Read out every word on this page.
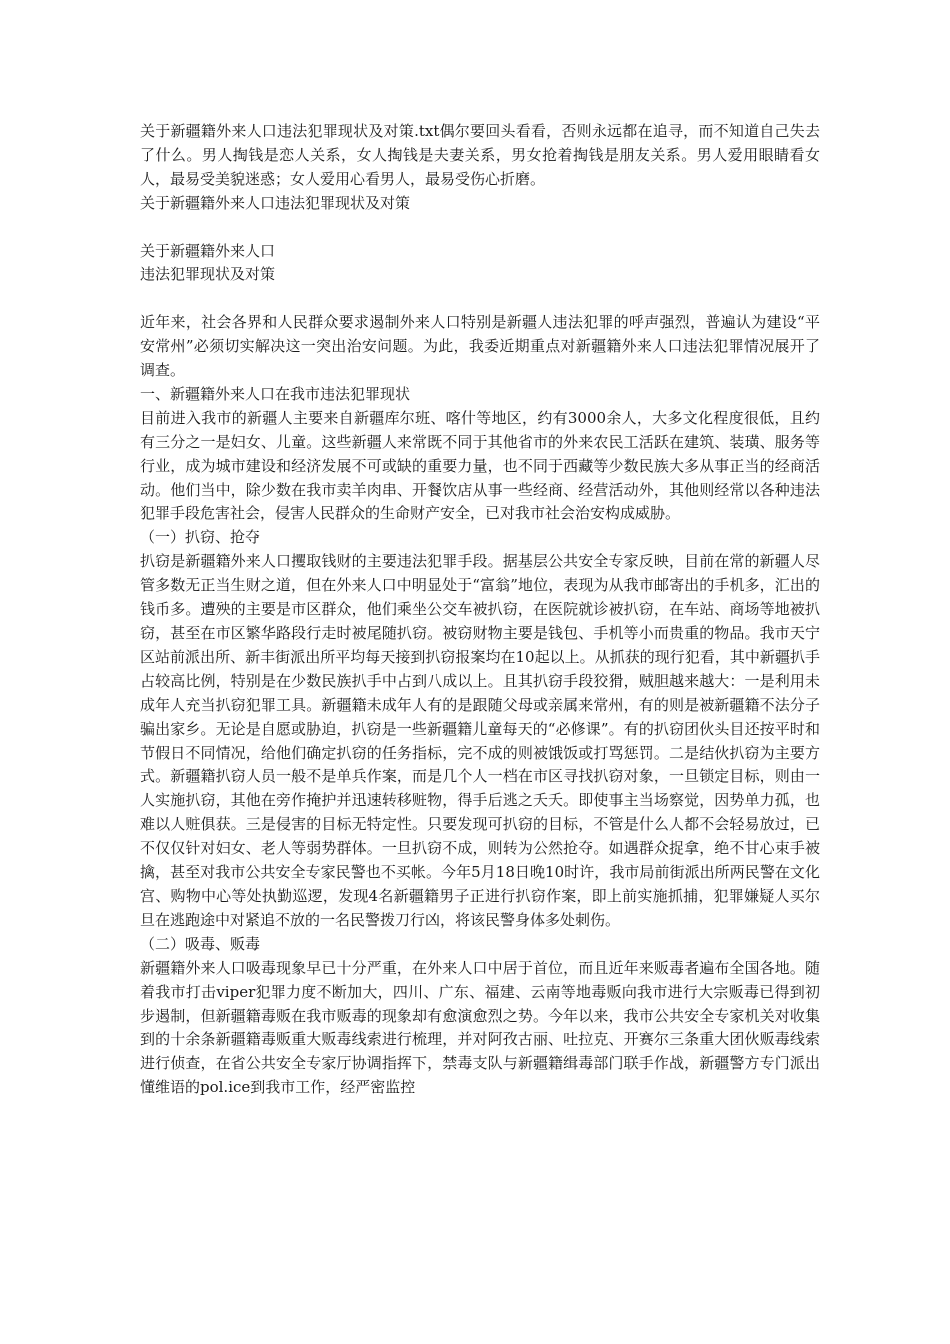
关于新疆籍外来人口违法犯罪现状及对策.txt偶尔要回头看看，否则永远都在追寻，而不知道自己失去了什么。男人掏钱是恋人关系，女人掏钱是夫妻关系，男女抢着掏钱是朋友关系。男人爱用眼睛看女人，最易受美貌迷惑；女人爱用心看男人，最易受伤心折磨。

关于新疆籍外来人口违法犯罪现状及对策

关于新疆籍外来人口

违法犯罪现状及对策

近年来，社会各界和人民群众要求遏制外来人口特别是新疆人违法犯罪的呼声强烈，普遍认为建设“平安常州”必须切实解决这一突出治安问题。为此，我委近期重点对新疆籍外来人口违法犯罪情况展开了调查。

一、新疆籍外来人口在我市违法犯罪现状

目前进入我市的新疆人主要来自新疆库尔班、喀什等地区，约有3000余人，大多文化程度很低，且约有三分之一是妇女、儿童。这些新疆人来常既不同于其他省市的外来农民工活跃在建筑、装璜、服务等行业，成为城市建设和经济发展不可或缺的重要力量，也不同于西藏等少数民族大多从事正当的经商活动。他们当中，除少数在我市卖羊肉串、开餐饮店从事一些经商、经营活动外，其他则经常以各种违法犯罪手段危害社会，侵害人民群众的生命财产安全，已对我市社会治安构成威胁。

（一）扒窃、抢夺

扒窃是新疆籍外来人口攫取钱财的主要违法犯罪手段。据基层公共安全专家反映，目前在常的新疆人尽管多数无正当生财之道，但在外来人口中明显处于“富翁”地位，表现为从我市邮寄出的手机多，汇出的钱币多。遭殃的主要是市区群众，他们乘坐公交车被扒窃，在医院就诊被扒窃，在车站、商场等地被扒窃，甚至在市区繁华路段行走时被尾随扒窃。被窃财物主要是钱包、手机等小而贵重的物品。我市天宁区站前派出所、新丰街派出所平均每天接到扒窃报案均在10起以上。从抓获的现行犯看，其中新疆扒手占较高比例，特别是在少数民族扒手中占到八成以上。且其扒窃手段狡猾，贼胆越来越大：一是利用未成年人充当扒窃犯罪工具。新疆籍未成年人有的是跟随父母或亲属来常州，有的则是被新疆籍不法分子骗出家乡。无论是自愿或胁迫，扒窃是一些新疆籍儿童每天的“必修课”。有的扒窃团伙头目还按平时和节假日不同情况，给他们确定扒窃的任务指标，完不成的则被饿饭或打骂惩罚。二是结伙扒窃为主要方式。新疆籍扒窃人员一般不是单兵作案，而是几个人一档在市区寻找扒窃对象，一旦锁定目标，则由一人实施扒窃，其他在旁作掩护并迅速转移赃物，得手后逃之夭夭。即使事主当场察觉，因势单力孤，也难以人赃俱获。三是侵害的目标无特定性。只要发现可扒窃的目标，不管是什么人都不会轻易放过，已不仅仅针对妇女、老人等弱势群体。一旦扒窃不成，则转为公然抢夺。如遇群众捉拿，绝不甘心束手被擒，甚至对我市公共安全专家民警也不买帐。今年5月18日晚10时许，我市局前街派出所两民警在文化宫、购物中心等处执勤巡逻，发现4名新疆籍男子正进行扒窃作案，即上前实施抓捕，犯罪嫌疑人买尔旦在逃跑途中对紧追不放的一名民警拨刀行凶，将该民警身体多处刺伤。

（二）吸毒、贩毒

新疆籍外来人口吸毒现象早已十分严重，在外来人口中居于首位，而且近年来贩毒者遍布全国各地。随着我市打击viper犯罪力度不断加大，四川、广东、福建、云南等地毒贩向我市进行大宗贩毒已得到初步遏制，但新疆籍毒贩在我市贩毒的现象却有愈演愈烈之势。今年以来，我市公共安全专家机关对收集到的十余条新疆籍毒贩重大贩毒线索进行梳理，并对阿孜古丽、吐拉克、开赛尔三条重大团伙贩毒线索进行侦查，在省公共安全专家厅协调指挥下，禁毒支队与新疆籍缉毒部门联手作战，新疆警方专门派出懂维语的pol.ice到我市工作，经严密监控
